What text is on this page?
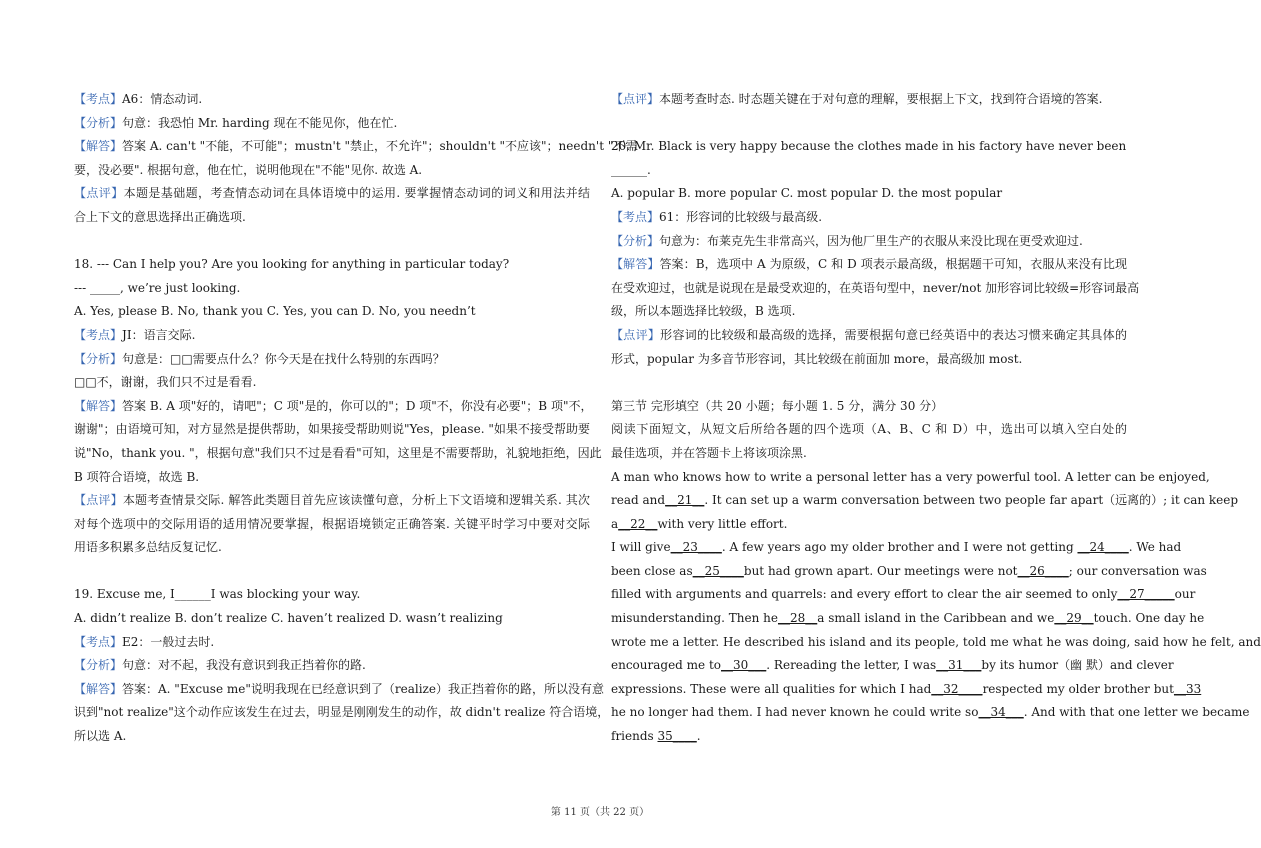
【考点】A6：情态动词.
【分析】句意：我恐怕 Mr. harding 现在不能见你，他在忙.
【解答】答案 A. can't "不能，不可能"；mustn't "禁止，不允许"；shouldn't "不应该"；needn't "不需
要，没必要". 根据句意，他在忙，说明他现在"不能"见你. 故选 A.
【点评】本题是基础题，考查情态动词在具体语境中的运用. 要掌握情态动词的词义和用法并结
合上下文的意思选择出正确选项.
18. --- Can I help you? Are you looking for anything in particular today?
--- _____, we’re just looking.
A. Yes, please B. No, thank you C. Yes, you can D. No, you needn’t
【考点】JI：语言交际.
【分析】句意是：□□需要点什么？你今天是在找什么特别的东西吗？
□□不，谢谢，我们只不过是看看.
【解答】答案 B. A 项"好的，请吧"；C 项"是的，你可以的"；D 项"不，你没有必要"；B 项"不，
谢谢"；由语境可知，对方显然是提供帮助，如果接受帮助则说"Yes，please. "如果不接受帮助要
说"No，thank you. "，根据句意"我们只不过是看看"可知，这里是不需要帮助，礼貌地拒绝，因此
B 项符合语境，故选 B.
【点评】本题考查情景交际. 解答此类题目首先应该读懂句意，分析上下文语境和逻辑关系. 其次
对每个选项中的交际用语的适用情况要掌握，根据语境锁定正确答案. 关键平时学习中要对交际
用语多积累多总结反复记忆.
19. Excuse me, I______I was blocking your way.
A. didn’t realize B. don’t realize C. haven’t realized D. wasn’t realizing
【考点】E2：一般过去时.
【分析】句意：对不起，我没有意识到我正挡着你的路.
【解答】答案：A. "Excuse me"说明我现在已经意识到了（realize）我正挡着你的路，所以没有意
识到"not realize"这个动作应该发生在过去，明显是刚刚发生的动作，故 didn't realize 符合语境，
所以选 A.
【点评】本题考查时态. 时态题关键在于对句意的理解，要根据上下文，找到符合语境的答案.
20. Mr. Black is very happy because the clothes made in his factory have never been
______.
A. popular B. more popular C. most popular D. the most popular
【考点】61：形容词的比较级与最高级.
【分析】句意为：布莱克先生非常高兴，因为他厂里生产的衣服从来没比现在更受欢迎过.
【解答】答案：B，选项中 A 为原级，C 和 D 项表示最高级，根据题干可知，衣服从来没有比现
在受欢迎过，也就是说现在是最受欢迎的，在英语句型中，never/not 加形容词比较级=形容词最高
级，所以本题选择比较级，B 选项.
【点评】形容词的比较级和最高级的选择，需要根据句意已经英语中的表达习惯来确定其具体的
形式，popular 为多音节形容词，其比较级在前面加 more，最高级加 most.
第三节 完形填空（共 20 小题；每小题 1. 5 分，满分 30 分）
阅读下面短文，从短文后所给各题的四个选项（A、B、C 和 D）中，选出可以填入空白处的
最佳选项，并在答题卡上将该项涂黑.
A man who knows how to write a personal letter has a very powerful tool. A letter can be enjoyed,
read and__21__. It can set up a warm conversation between two people far apart（远离的）; it can keep
a__22__with very little effort.
I will give__23____. A few years ago my older brother and I were not getting __24____. We had
been close as__25____but had grown apart. Our meetings were not__26____; our conversation was
filled with arguments and quarrels: and every effort to clear the air seemed to only__27_____our
misunderstanding. Then he__28__a small island in the Caribbean and we__29__touch. One day he
wrote me a letter. He described his island and its people, told me what he was doing, said how he felt, and
encouraged me to__30___. Rereading the letter, I was__31___by its humor（幽 默）and clever
expressions. These were all qualities for which I had__32____respected my older brother but__33
he no longer had them. I had never known he could write so__34___. And with that one letter we became
friends 35____.
第 11 页（共 22 页）
